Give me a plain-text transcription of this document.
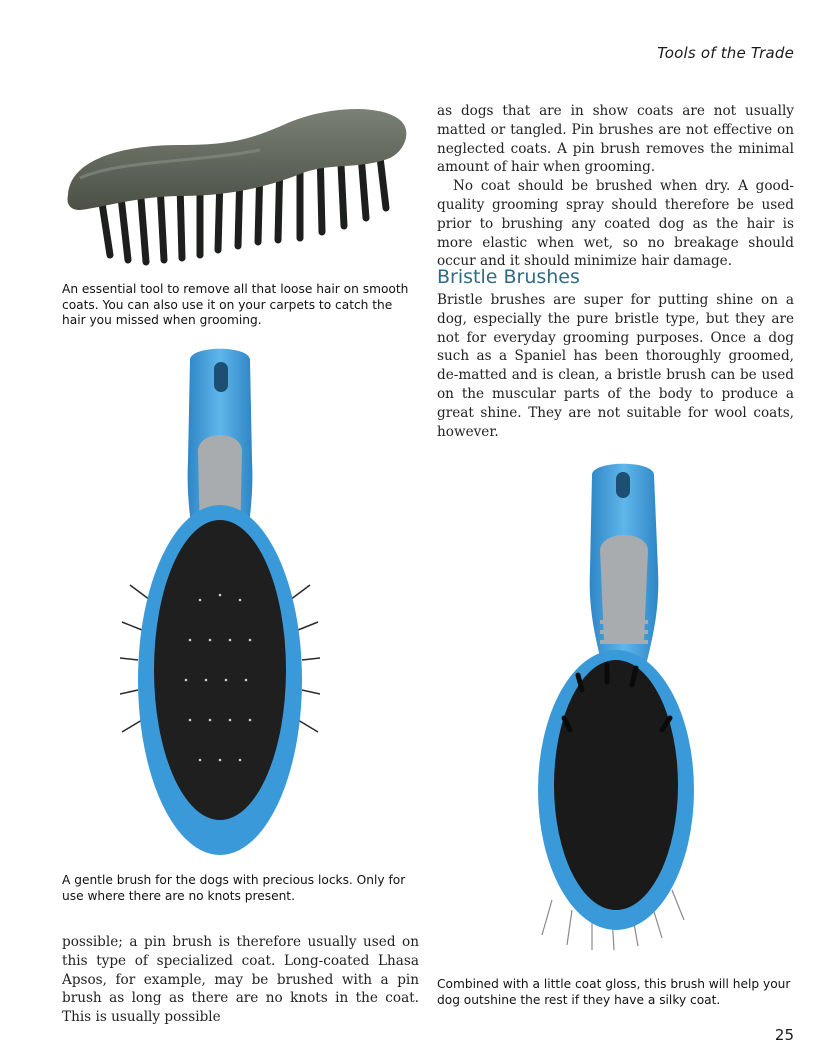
Tools of the Trade
An essential tool to remove all that loose hair on smooth coats. You can also use it on your carpets to catch the hair you missed when grooming.
A gentle brush for the dogs with precious locks. Only for use where there are no knots present.

as dogs that are in show coats are not usually matted or tangled. Pin brushes are not effective on neglected coats. A pin brush removes the minimal amount of hair when grooming.

No coat should be brushed when dry. A good-quality grooming spray should therefore be used prior to brushing any coated dog as the hair is more elastic when wet, so no breakage should occur and it should minimize hair damage.

Bristle Brushes

Bristle brushes are super for putting shine on a dog, especially the pure bristle type, but they are not for everyday grooming purposes. Once a dog such as a Spaniel has been thoroughly groomed, de-matted and is clean, a bristle brush can be used on the muscular parts of the body to produce a great shine. They are not suitable for wool coats, however.

Combined with a little coat gloss, this brush will help your dog outshine the rest if they have a silky coat.

possible; a pin brush is therefore usually used on this type of specialized coat. Long-coated Lhasa Apsos, for example, may be brushed with a pin brush as long as there are no knots in the coat. This is usually possible

25
